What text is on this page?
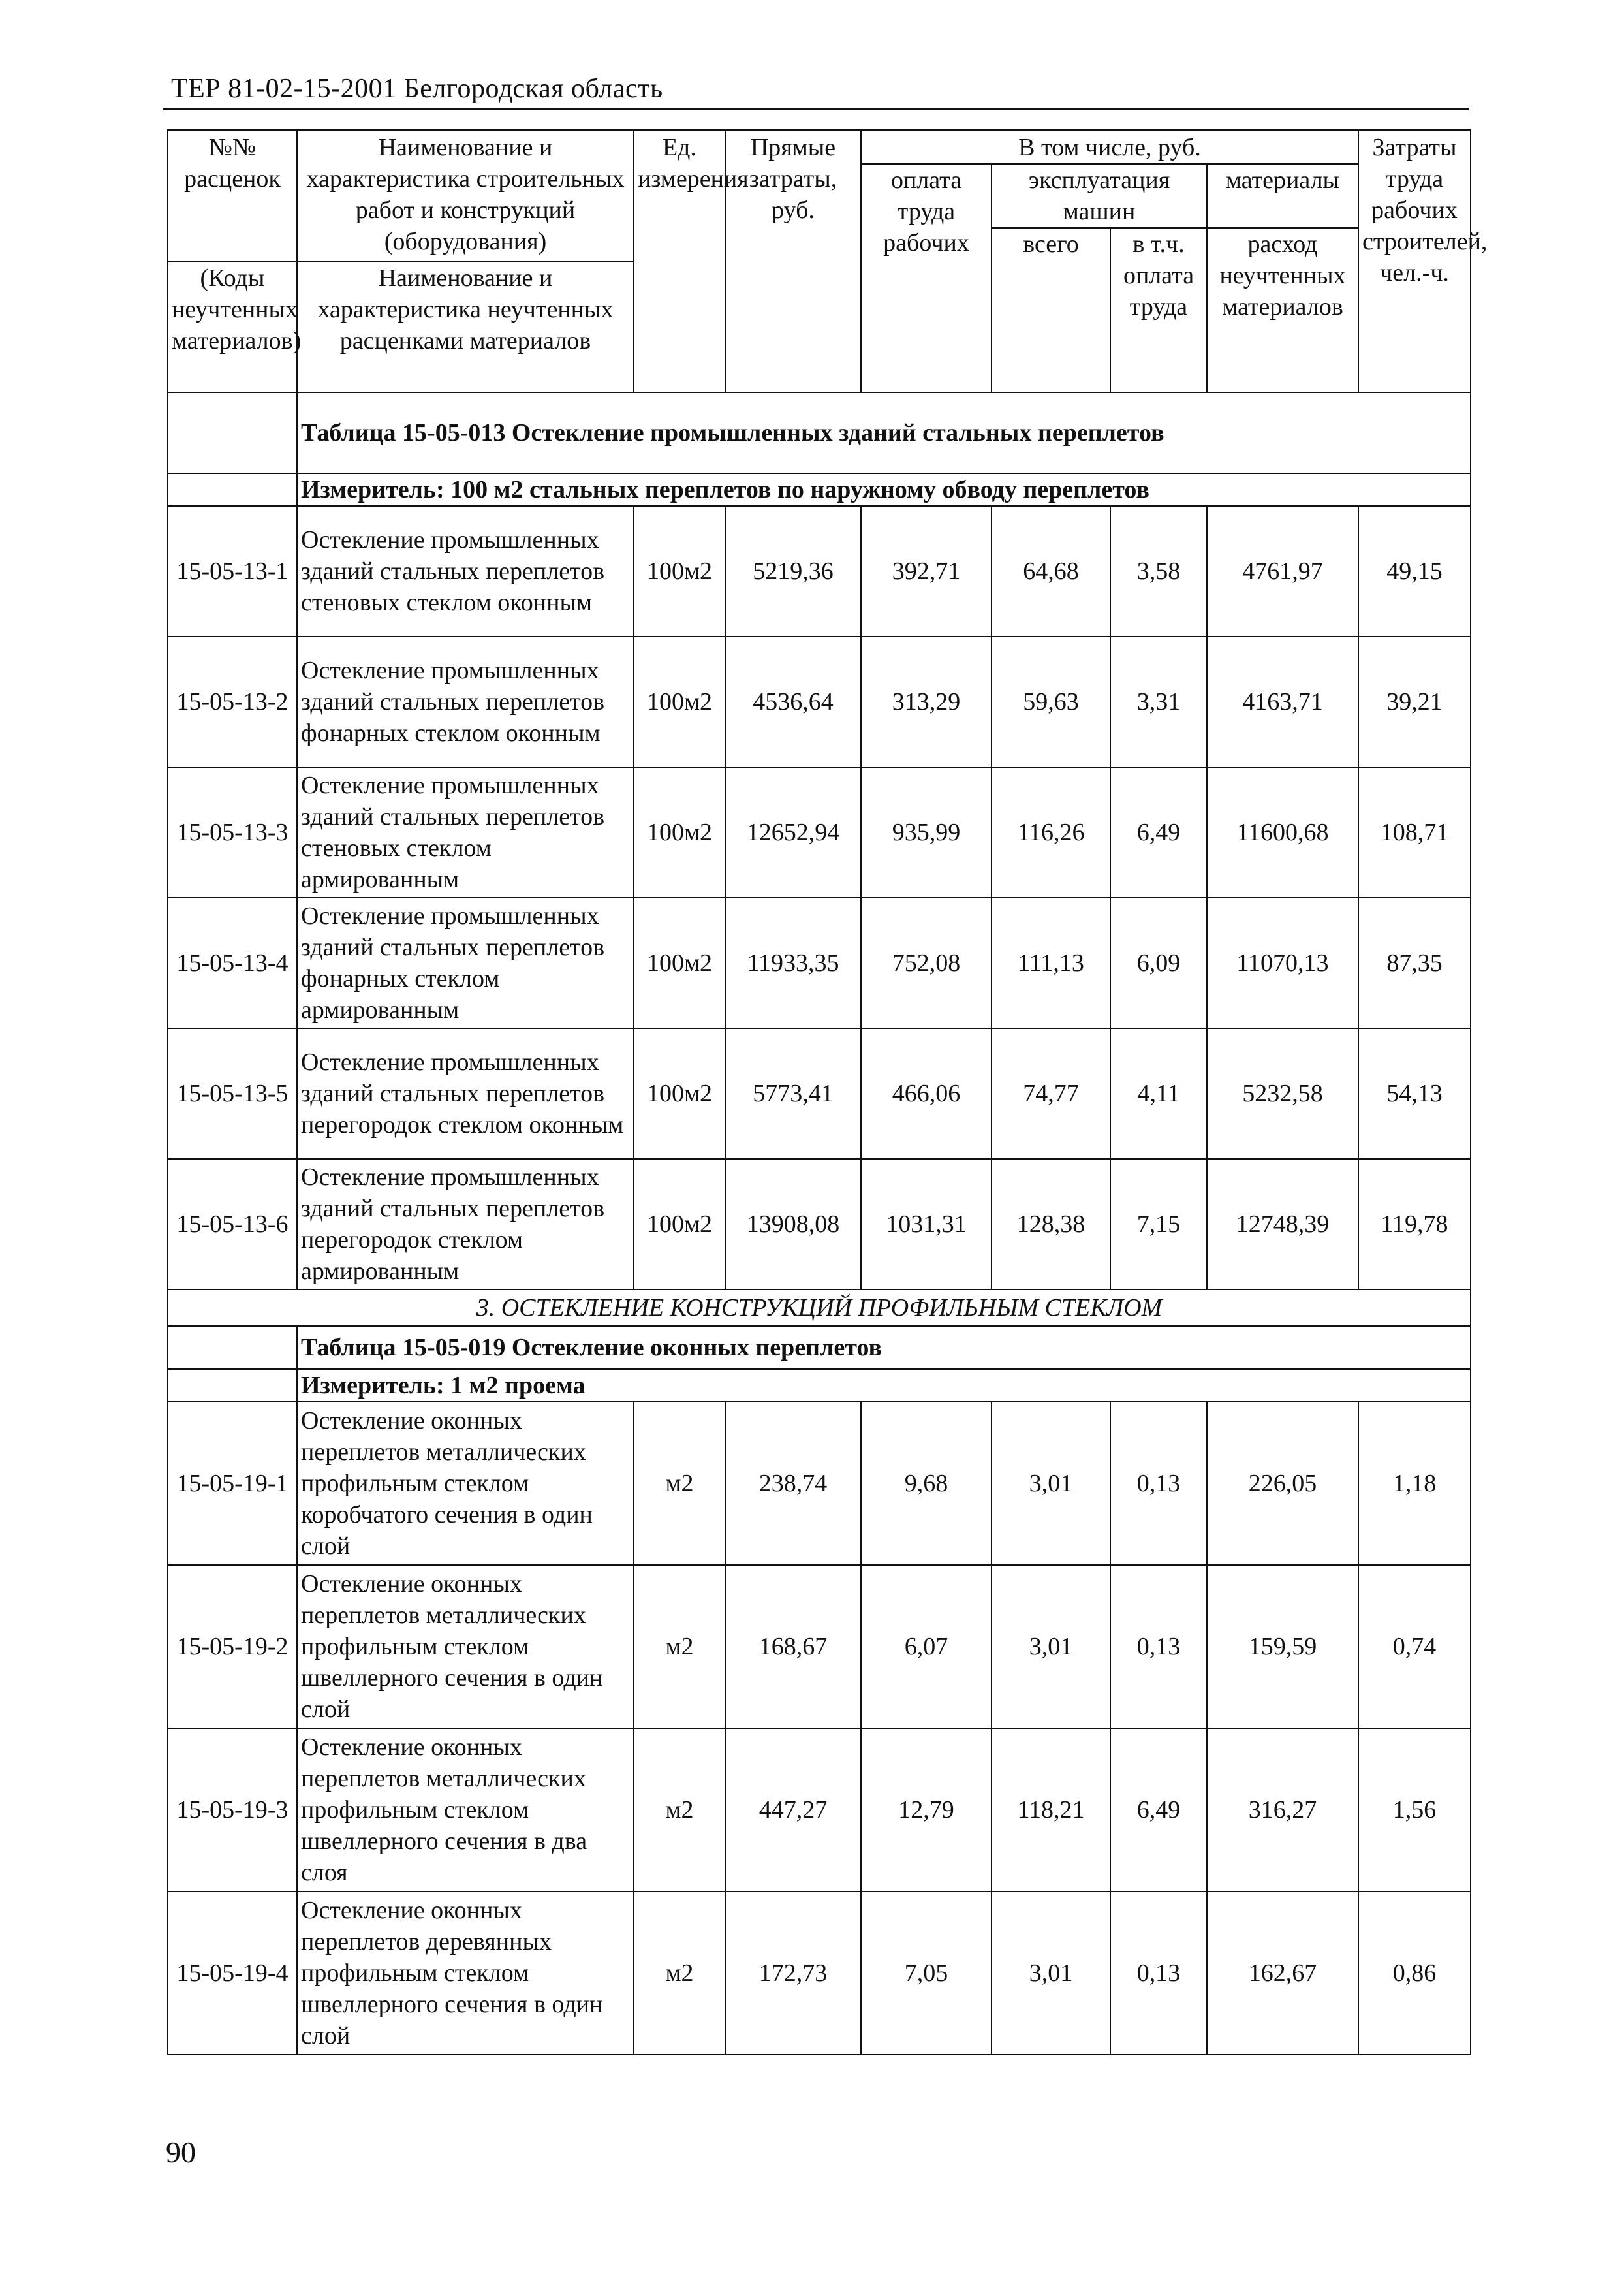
ТЕР 81-02-15-2001 Белгородская область
№№ расценок	Наименование и характеристика строительных работ и конструкций (оборудования)	Ед. измерения	Прямые затраты, руб.	В том числе, руб.				Затраты труда рабочих строителей, чел.-ч.
				оплата труда рабочих	эксплуатация машин		материалы	
					всего	в т.ч. оплата труда	расход неучтенных материалов	
(Коды неучтенных материалов)	Наименование и характеристика неучтенных расценками материалов							
	Таблица 15-05-013 Остекление промышленных зданий стальных переплетов							
	Измеритель: 100 м2 стальных переплетов по наружному обводу переплетов							
15-05-13-1	Остекление промышленных зданий стальных переплетов стеновых стеклом оконным	100м2	5219,36	392,71	64,68	3,58	4761,97	49,15
15-05-13-2	Остекление промышленных зданий стальных переплетов фонарных стеклом оконным	100м2	4536,64	313,29	59,63	3,31	4163,71	39,21
15-05-13-3	Остекление промышленных зданий стальных переплетов стеновых стеклом армированным	100м2	12652,94	935,99	116,26	6,49	11600,68	108,71
15-05-13-4	Остекление промышленных зданий стальных переплетов фонарных стеклом армированным	100м2	11933,35	752,08	111,13	6,09	11070,13	87,35
15-05-13-5	Остекление промышленных зданий стальных переплетов перегородок стеклом оконным	100м2	5773,41	466,06	74,77	4,11	5232,58	54,13
15-05-13-6	Остекление промышленных зданий стальных переплетов перегородок стеклом армированным	100м2	13908,08	1031,31	128,38	7,15	12748,39	119,78
3. ОСТЕКЛЕНИЕ КОНСТРУКЦИЙ ПРОФИЛЬНЫМ СТЕКЛОМ								
	Таблица 15-05-019 Остекление оконных переплетов							
	Измеритель: 1 м2 проема							
15-05-19-1	Остекление оконных переплетов металлических профильным стеклом коробчатого сечения в один слой	м2	238,74	9,68	3,01	0,13	226,05	1,18
15-05-19-2	Остекление оконных переплетов металлических профильным стеклом швеллерного сечения в один слой	м2	168,67	6,07	3,01	0,13	159,59	0,74
15-05-19-3	Остекление оконных переплетов металлических профильным стеклом швеллерного сечения в два слоя	м2	447,27	12,79	118,21	6,49	316,27	1,56
15-05-19-4	Остекление оконных переплетов деревянных профильным стеклом швеллерного сечения в один слой	м2	172,73	7,05	3,01	0,13	162,67	0,86
90
